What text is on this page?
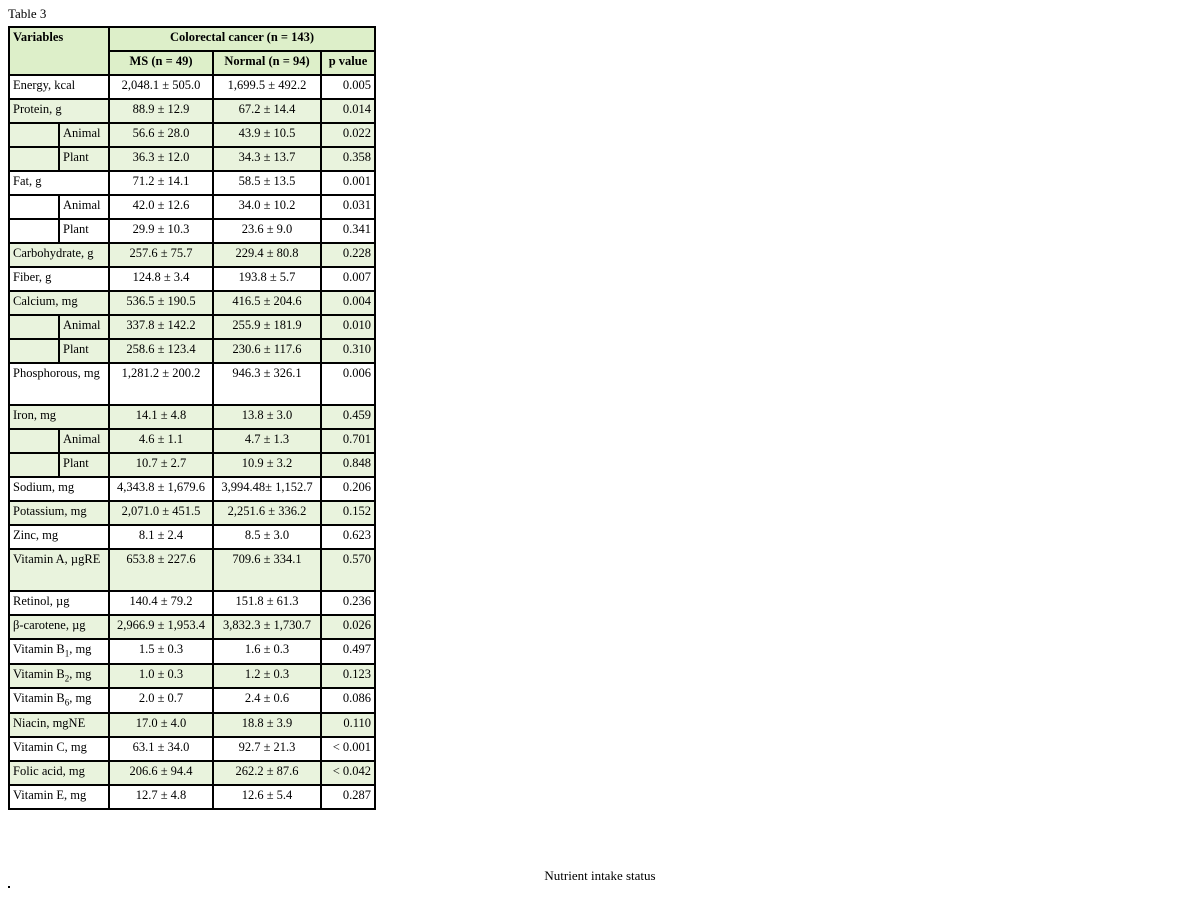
Table 3
Variables		Colorectal cancer (n = 143)		
		MS (n = 49)	Normal (n = 94)	p value
Energy, kcal		2,048.1 ± 505.0	1,699.5 ± 492.2	0.005
Protein, g		88.9 ± 12.9	67.2 ± 14.4	0.014
	Animal	56.6 ± 28.0	43.9 ± 10.5	0.022
	Plant	36.3 ± 12.0	34.3 ± 13.7	0.358
Fat, g		71.2 ± 14.1	58.5 ± 13.5	0.001
	Animal	42.0 ± 12.6	34.0 ± 10.2	0.031
	Plant	29.9 ± 10.3	23.6 ± 9.0	0.341
Carbohydrate, g		257.6 ± 75.7	229.4 ± 80.8	0.228
Fiber, g		124.8 ± 3.4	193.8 ± 5.7	0.007
Calcium, mg		536.5 ± 190.5	416.5 ± 204.6	0.004
	Animal	337.8 ± 142.2	255.9 ± 181.9	0.010
	Plant	258.6 ± 123.4	230.6 ± 117.6	0.310
Phosphorous, mg		1,281.2 ± 200.2	946.3 ± 326.1	0.006
Iron, mg		14.1 ± 4.8	13.8 ± 3.0	0.459
	Animal	4.6 ± 1.1	4.7 ± 1.3	0.701
	Plant	10.7 ± 2.7	10.9 ± 3.2	0.848
Sodium, mg		4,343.8 ± 1,679.6	3,994.48± 1,152.7	0.206
Potassium, mg		2,071.0 ± 451.5	2,251.6 ± 336.2	0.152
Zinc, mg		8.1 ± 2.4	8.5 ± 3.0	0.623
Vitamin A, µgRE		653.8 ± 227.6	709.6 ± 334.1	0.570
Retinol, µg		140.4 ± 79.2	151.8 ± 61.3	0.236
β-carotene, µg		2,966.9 ± 1,953.4	3,832.3 ± 1,730.7	0.026
Vitamin $B_1$, mg		1.5 ± 0.3	1.6 ± 0.3	0.497
Vitamin $B_2$, mg		1.0 ± 0.3	1.2 ± 0.3	0.123
Vitamin $B_6$, mg		2.0 ± 0.7	2.4 ± 0.6	0.086
Niacin, mgNE		17.0 ± 4.0	18.8 ± 3.9	0.110
Vitamin C, mg		63.1 ± 34.0	92.7 ± 21.3	< 0.001
Folic acid, mg		206.6 ± 94.4	262.2 ± 87.6	< 0.042
Vitamin E, mg		12.7 ± 4.8	12.6 ± 5.4	0.287
Nutrient intake status
